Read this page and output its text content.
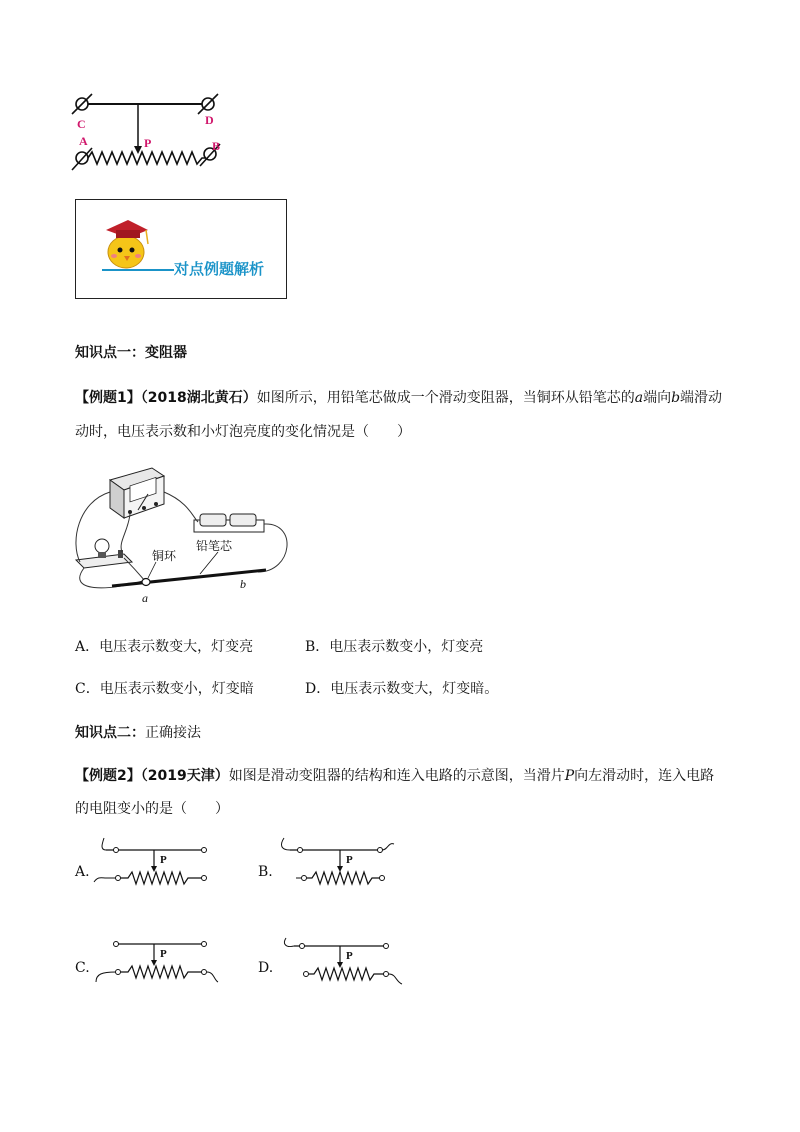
C	D
A	B
P
对点例题解析
知识点一：变阻器
【例题1】（2018湖北黄石）如图所示，用铅笔芯做成一个滑动变阻器，当铜环从铅笔芯的a端向b端滑动
动时，电压表示数和小灯泡亮度的变化情况是（　　）
铜环
铅笔芯
a
b
A．电压表示数变大，灯变亮	B．电压表示数变小，灯变亮
C．电压表示数变小，灯变暗	D．电压表示数变大，灯变暗。
知识点二：正确接法
【例题2】（2019天津）如图是滑动变阻器的结构和连入电路的示意图，当滑片P向左滑动时，连入电路
的电阻变小的是（　　）
A.	B.
C.	D.
P	P
P	P
